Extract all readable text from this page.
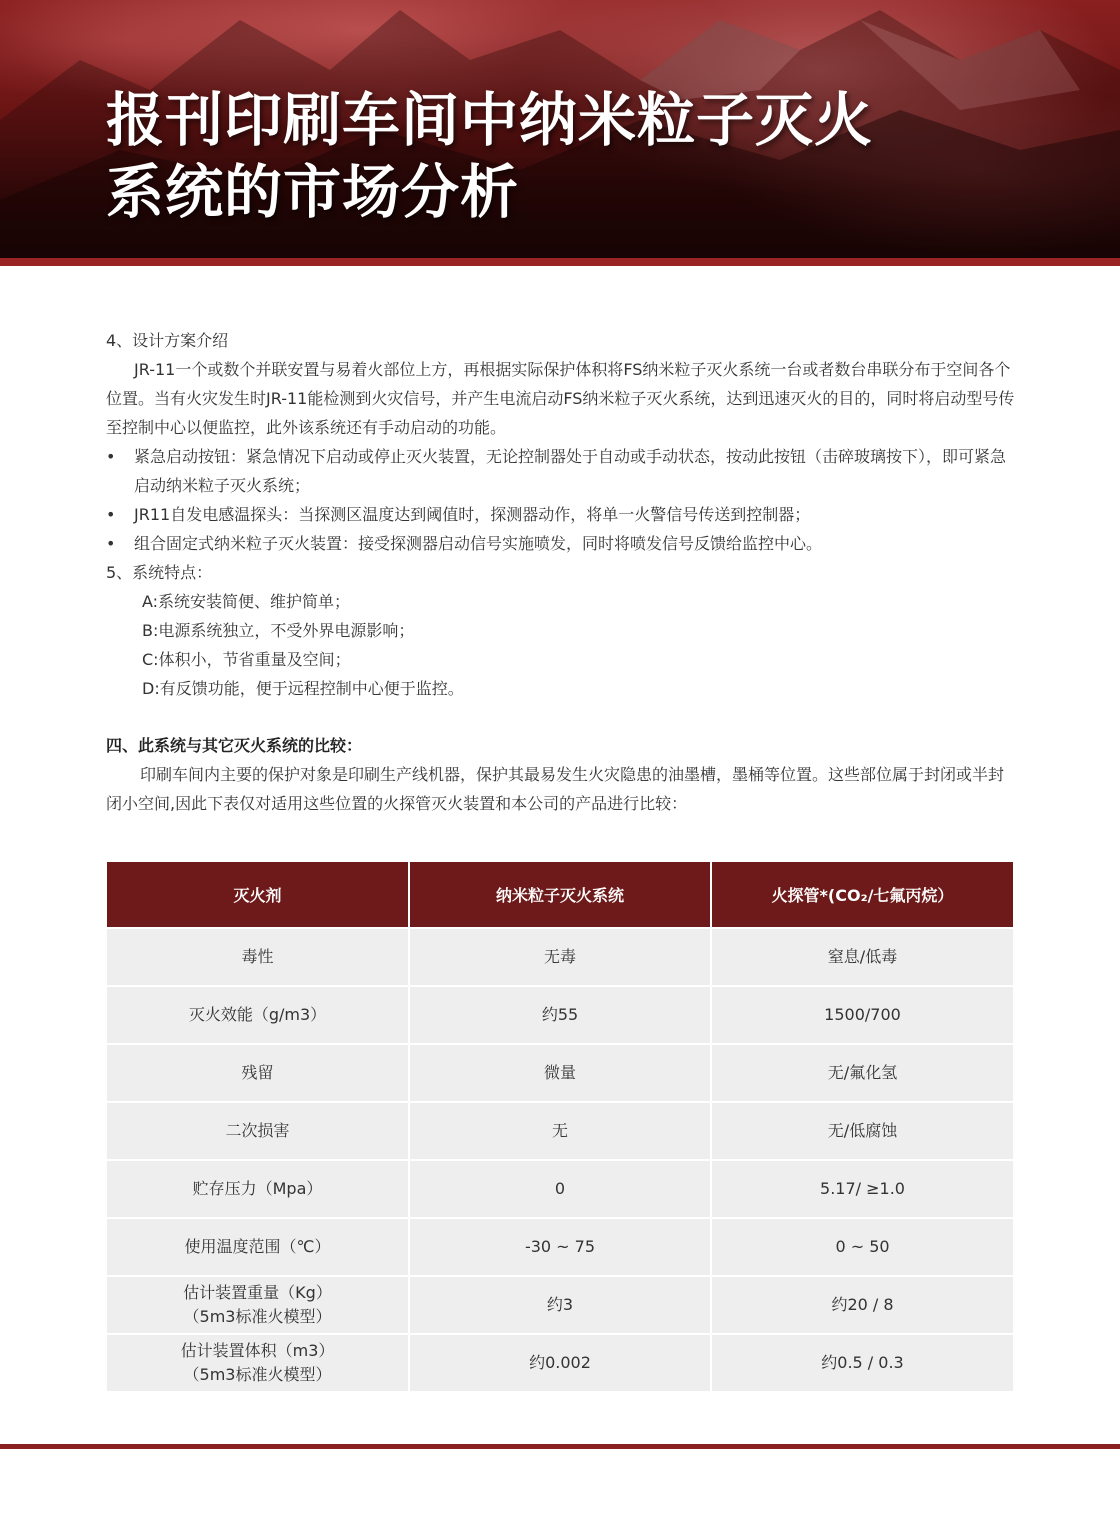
报刊印刷车间中纳米粒子灭火
系统的市场分析

4、设计方案介绍

JR-11一个或数个并联安置与易着火部位上方，再根据实际保护体积将FS纳米粒子灭火系统一台或者数台串联分布于空间各个位置。当有火灾发生时JR-11能检测到火灾信号，并产生电流启动FS纳米粒子灭火系统，达到迅速灭火的目的，同时将启动型号传至控制中心以便监控，此外该系统还有手动启动的功能。

• 紧急启动按钮：紧急情况下启动或停止灭火装置，无论控制器处于自动或手动状态，按动此按钮（击碎玻璃按下），即可紧急启动纳米粒子灭火系统；

• JR11自发电感温探头：当探测区温度达到阈值时，探测器动作，将单一火警信号传送到控制器；

• 组合固定式纳米粒子灭火装置：接受探测器启动信号实施喷发，同时将喷发信号反馈给监控中心。

5、系统特点：

A:系统安装简便、维护简单；

B:电源系统独立，不受外界电源影响；

C:体积小，节省重量及空间；

D:有反馈功能，便于远程控制中心便于监控。

四、此系统与其它灭火系统的比较：

印刷车间内主要的保护对象是印刷生产线机器，保护其最易发生火灾隐患的油墨槽，墨桶等位置。这些部位属于封闭或半封闭小空间,因此下表仅对适用这些位置的火探管灭火装置和本公司的产品进行比较：

灭火剂	纳米粒子灭火系统	火探管*(CO₂/七氟丙烷）
毒性	无毒	窒息/低毒
灭火效能（g/m3）	约55	1500/700
残留	微量	无/氟化氢
二次损害	无	无/低腐蚀
贮存压力（Mpa）	0	5.17/ ≥1.0
使用温度范围（℃）	-30 ~ 75	0 ~ 50
估计装置重量（Kg）
（5m3标准火模型）	约3	约20 / 8
估计装置体积（m3）
（5m3标准火模型）	约0.002	约0.5 / 0.3
